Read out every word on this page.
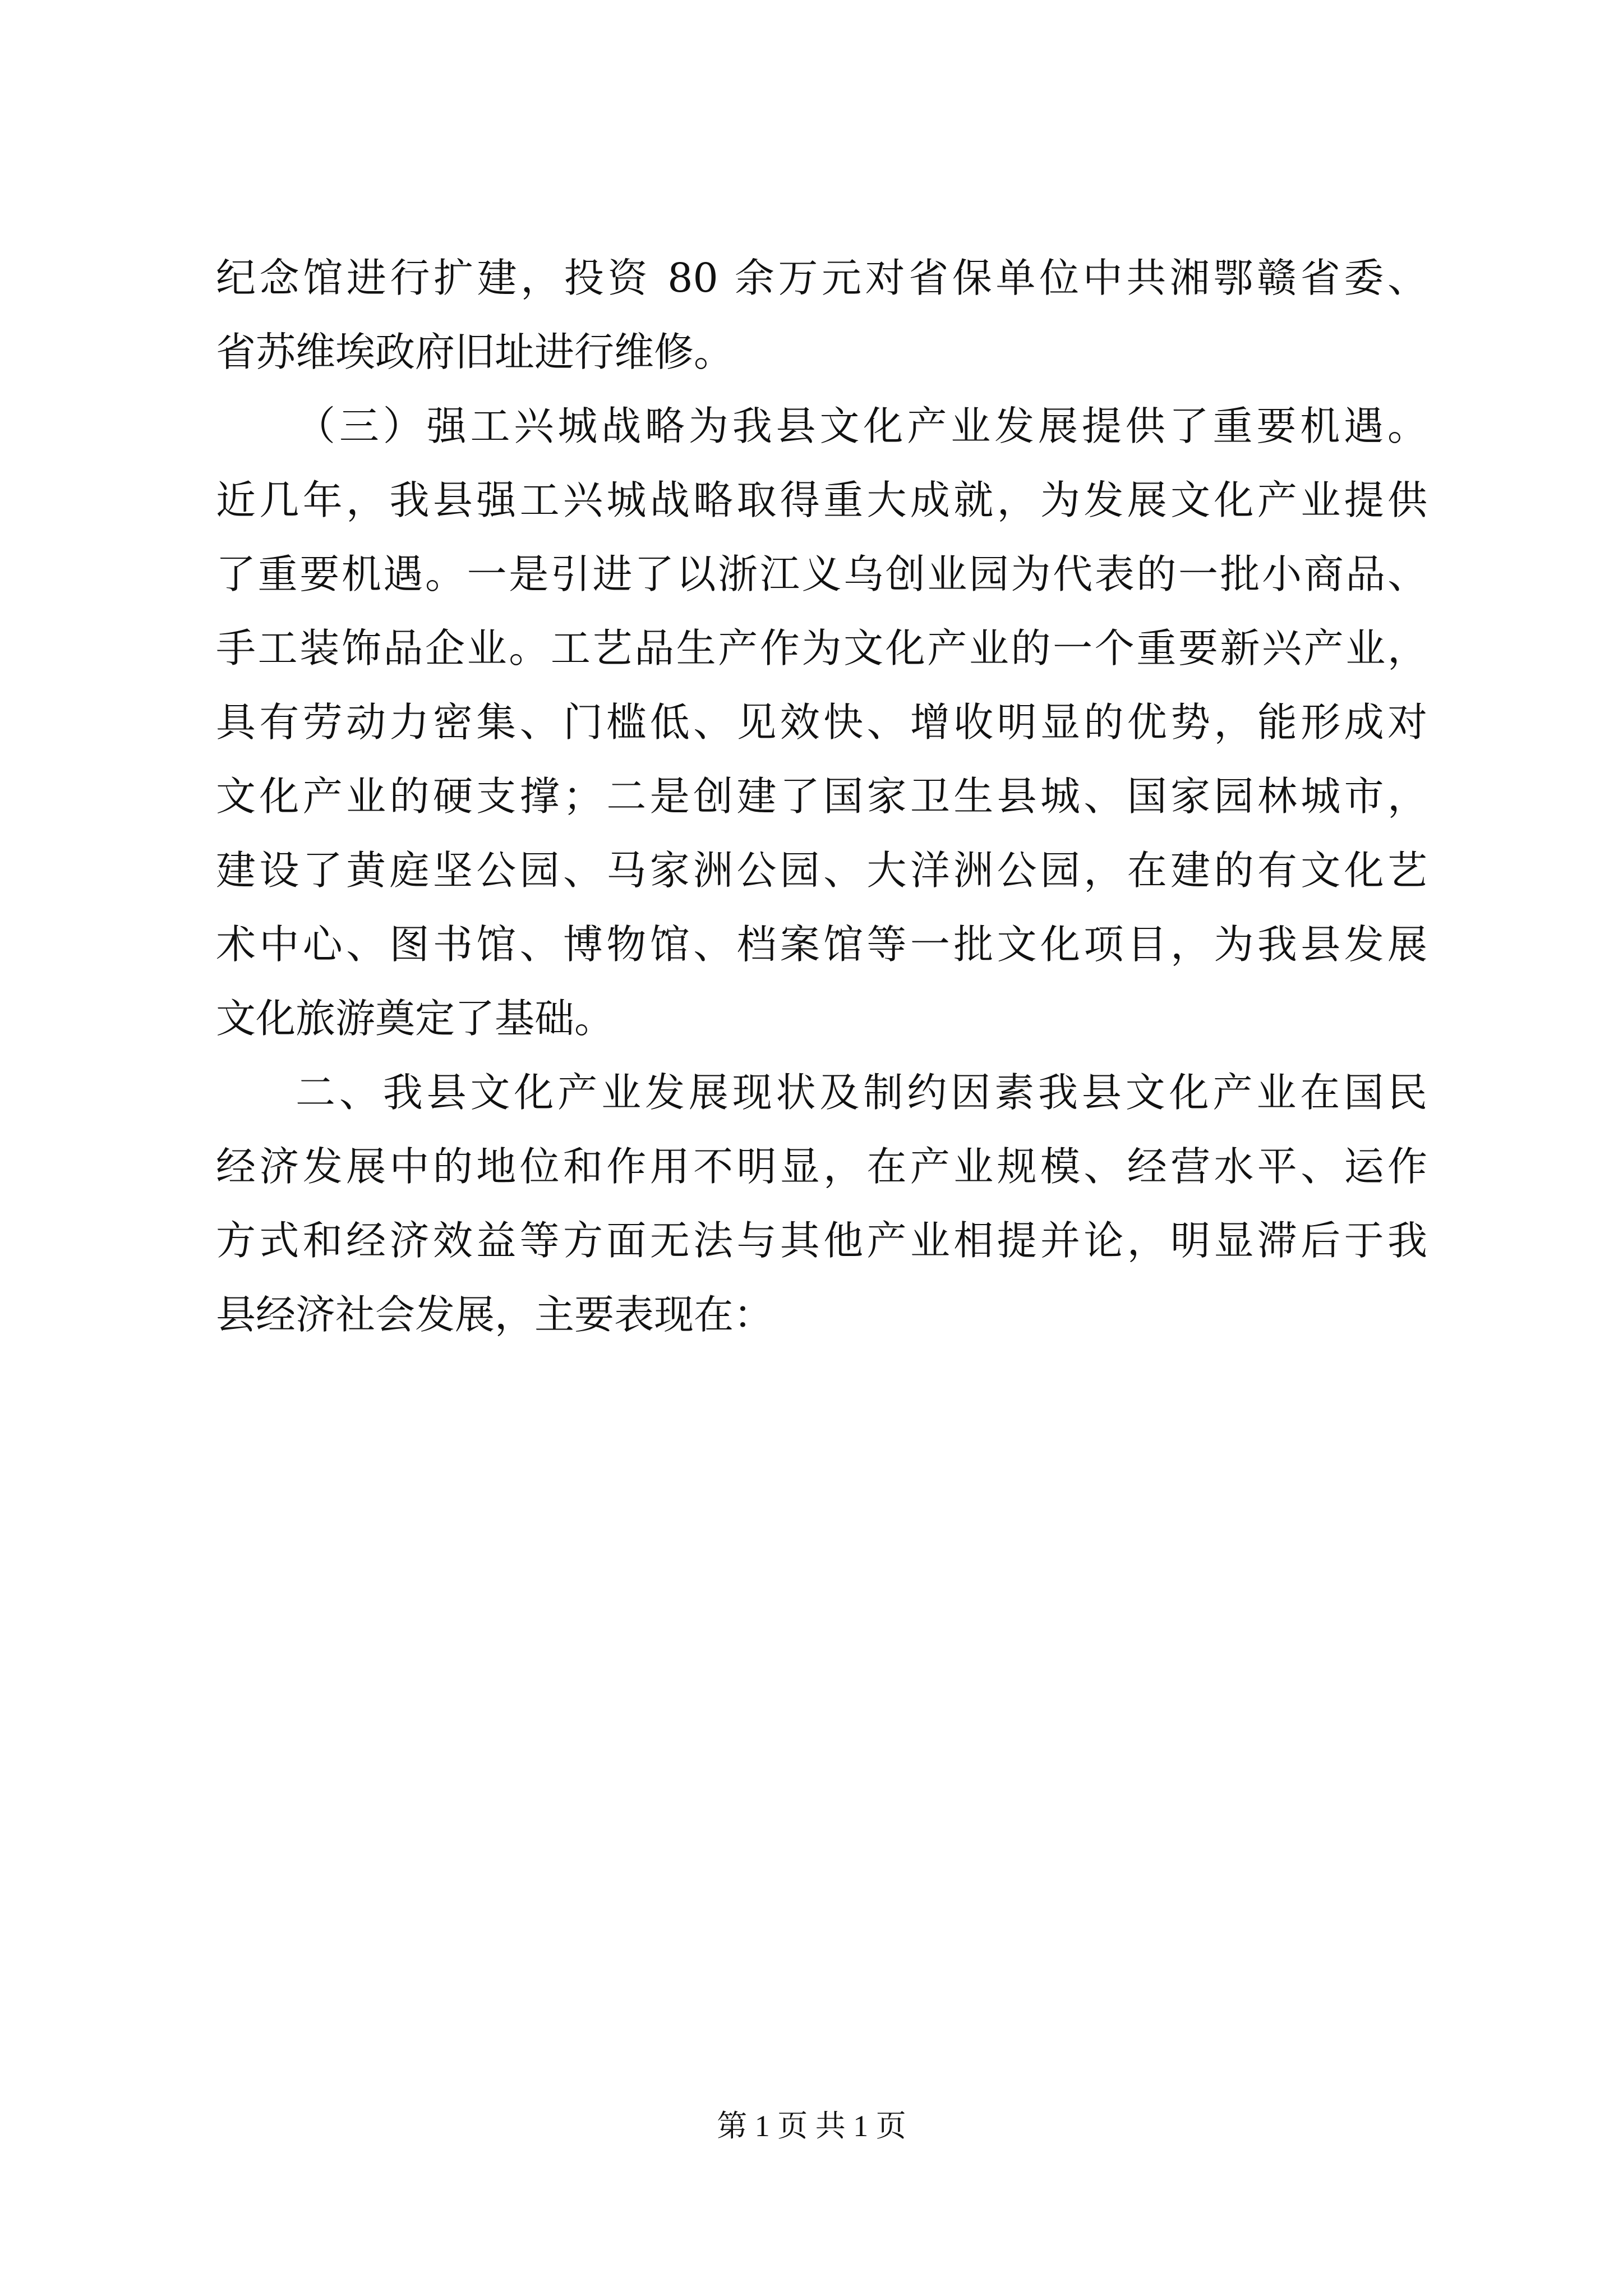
纪念馆进行扩建，投资 80 余万元对省保单位中共湘鄂赣省委、
省苏维埃政府旧址进行维修。
（三）强工兴城战略为我县文化产业发展提供了重要机遇。
近几年，我县强工兴城战略取得重大成就，为发展文化产业提供
了重要机遇。一是引进了以浙江义乌创业园为代表的一批小商品、
手工装饰品企业。工艺品生产作为文化产业的一个重要新兴产业，
具有劳动力密集、门槛低、见效快、增收明显的优势，能形成对
文化产业的硬支撑；二是创建了国家卫生县城、国家园林城市，
建设了黄庭坚公园、马家洲公园、大洋洲公园，在建的有文化艺
术中心、图书馆、博物馆、档案馆等一批文化项目，为我县发展
文化旅游奠定了基础。
二、我县文化产业发展现状及制约因素我县文化产业在国民
经济发展中的地位和作用不明显，在产业规模、经营水平、运作
方式和经济效益等方面无法与其他产业相提并论，明显滞后于我
县经济社会发展，主要表现在：
第 1 页 共 1 页
